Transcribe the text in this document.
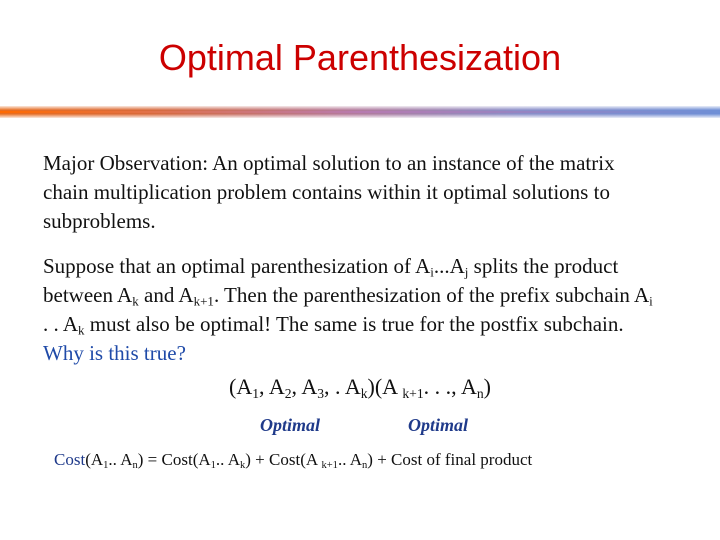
Optimal Parenthesization
Major Observation: An optimal solution to an instance of the matrix chain multiplication problem contains within it optimal solutions to subproblems.
Suppose that an optimal parenthesization of $A_i...A_j$ splits the product between $A_k$ and $A_{k+1}$. Then the parenthesization of the prefix subchain $A_i$ . . $A_k$ must also be optimal! The same is true for the postfix subchain. Why is this true?
($A_1$, $A_2$, $A_3$, . $A_k)(A$ $_{k+1}$. . ., $A_n$)
Optimal	Optimal
$Cost(A_1$.. $A_n$) = $Cost(A_1$.. $A_k$) + Cost(A $_{k+1}$.. $A_n$) + Cost of final product
